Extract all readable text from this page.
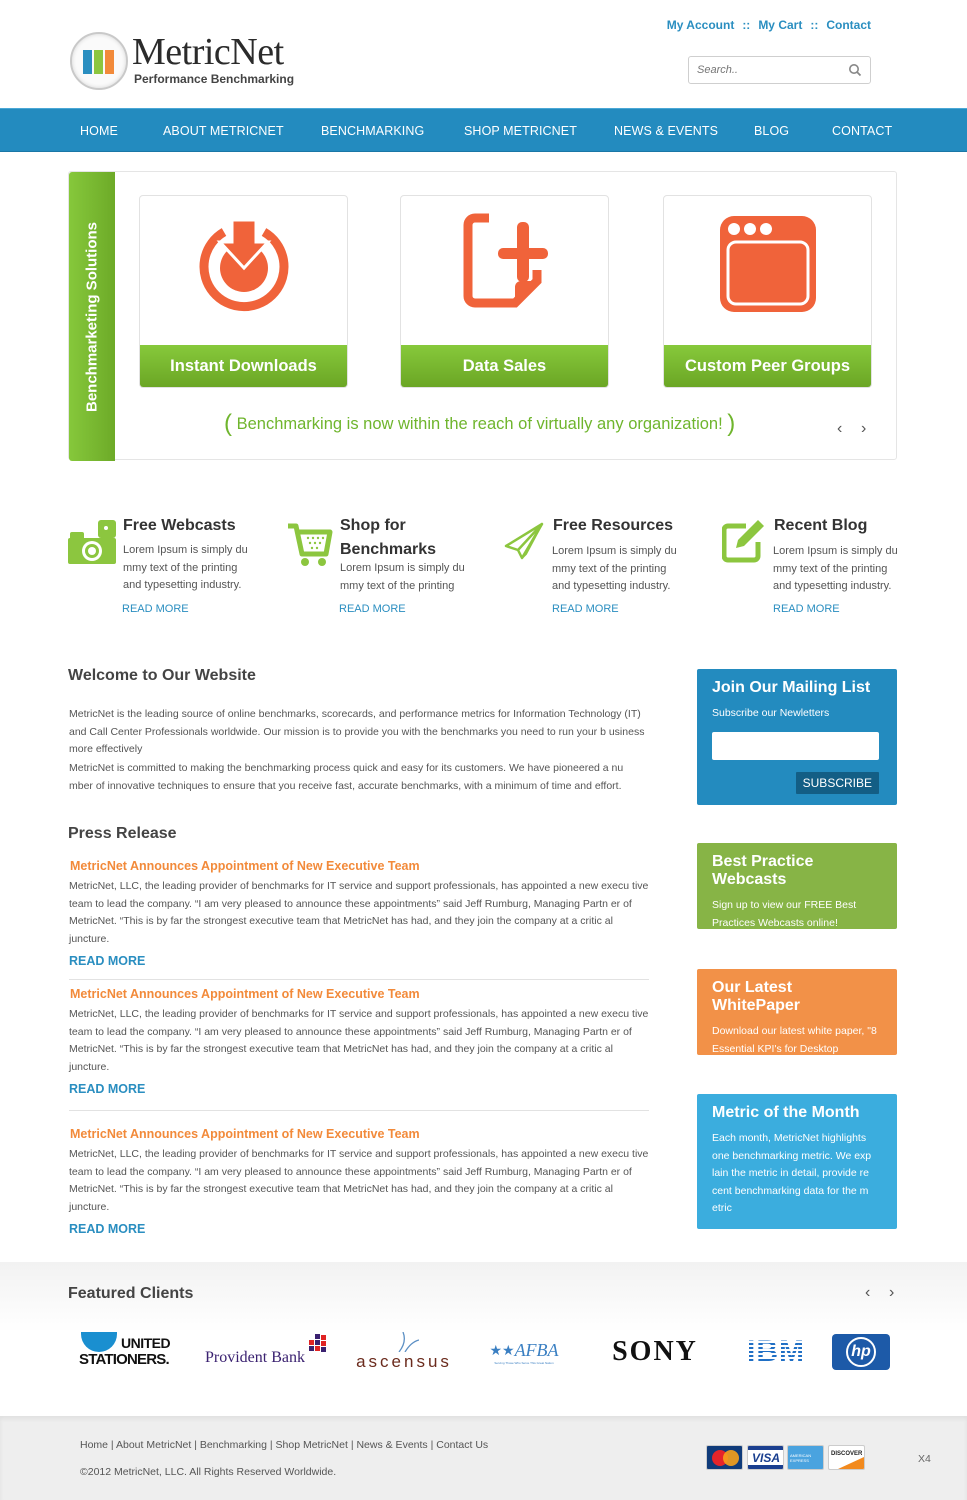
MetricNet
Performance Benchmarking
My Account :: My Cart :: Contact
Search..
HOME	ABOUT METRICNET	BENCHMARKING	SHOP METRICNET	NEWS & EVENTS	BLOG	CONTACT
Benchmarketing Solutions	Instant Downloads	Data Sales	Custom Peer Groups
( Benchmarking is now within the reach of virtually any organization! )	‹ ›
Free Webcasts
Lorem Ipsum is simply du mmy text of the printing and typesetting industry.
READ MORE
Shop for Benchmarks
Lorem Ipsum is simply du mmy text of the printing
READ MORE
Free Resources
Lorem Ipsum is simply du mmy text of the printing and typesetting industry.
READ MORE
Recent Blog
Lorem Ipsum is simply du mmy text of the printing and typesetting industry.
READ MORE
Welcome to Our Website
MetricNet is the leading source of online benchmarks, scorecards, and performance metrics for Information Technology (IT) and Call Center Professionals worldwide. Our mission is to provide you with the benchmarks you need to run your b usiness more effectively
MetricNet is committed to making the benchmarking process quick and easy for its customers. We have pioneered a nu mber of innovative techniques to ensure that you receive fast, accurate benchmarks, with a minimum of time and effort.
Press Release
MetricNet Announces Appointment of New Executive Team
MetricNet, LLC, the leading provider of benchmarks for IT service and support professionals, has appointed a new execu tive team to lead the company. “I am very pleased to announce these appointments” said Jeff Rumburg, Managing Partn er of MetricNet. “This is by far the strongest executive team that MetricNet has had, and they join the company at a critic al juncture.
READ MORE
MetricNet Announces Appointment of New Executive Team
MetricNet, LLC, the leading provider of benchmarks for IT service and support professionals, has appointed a new execu tive team to lead the company. “I am very pleased to announce these appointments” said Jeff Rumburg, Managing Partn er of MetricNet. “This is by far the strongest executive team that MetricNet has had, and they join the company at a critic al juncture.
READ MORE
MetricNet Announces Appointment of New Executive Team
MetricNet, LLC, the leading provider of benchmarks for IT service and support professionals, has appointed a new execu tive team to lead the company. “I am very pleased to announce these appointments” said Jeff Rumburg, Managing Partn er of MetricNet. “This is by far the strongest executive team that MetricNet has had, and they join the company at a critic al juncture.
READ MORE
Join Our Mailing List
Subscribe our Newletters
SUBSCRIBE
Best Practice Webcasts
Sign up to view our FREE Best Practices Webcasts online!
Our Latest WhitePaper
Download our latest white paper, "8 Essential KPI's for Desktop
Metric of the Month
Each month, MetricNet highlights one benchmarking metric. We exp lain the metric in detail, provide re cent benchmarking data for the m etric
Featured Clients	‹ ›
UNITED
STATIONERS. Provident Bank	ascensus
★★ AFBA
Serving Those Who Serve This Great Nation SONY IBM	hp
Home | About MetricNet | Benchmarking | Shop MetricNet | News & Events | Contact Us
©2012 MetricNet, LLC. All Rights Reserved Worldwide.
VISA AMERICAN
EXPRESS
DISCOVER	X4
